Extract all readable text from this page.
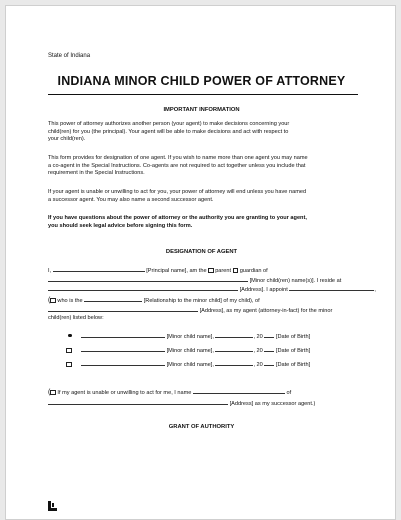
State of Indiana
INDIANA MINOR CHILD POWER OF ATTORNEY
IMPORTANT INFORMATION
This power of attorney authorizes another person (your agent) to make decisions concerning your
child(ren) for you (the principal). Your agent will be able to make decisions and act with respect to
your child(ren).
This form provides for designation of one agent. If you wish to name more than one agent you may name
a co-agent in the Special Instructions. Co-agents are not required to act together unless you include that
requirement in the Special Instructions.
If your agent is unable or unwilling to act for you, your power of attorney will end unless you have named
a successor agent. You may also name a second successor agent.
If you have questions about the power of attorney or the authority you are granting to your agent,
you should seek legal advice before signing this form.
DESIGNATION OF AGENT
I,	[Principal name], am the parent guardian of
[Minor child(ren) name(s)]. I reside at
[Address]. I appoint	,
( who is the	[Relationship to the minor child] of my child), of
[Address], as my agent (attorney-in-fact) for the minor
child(ren) listed below:
[Minor child name],	, 20 [Date of Birth]
[Minor child name],	, 20 [Date of Birth]
[Minor child name],	, 20 [Date of Birth]
( If my agent is unable or unwilling to act for me, I name	of
[Address] as my successor agent.)
GRANT OF AUTHORITY
